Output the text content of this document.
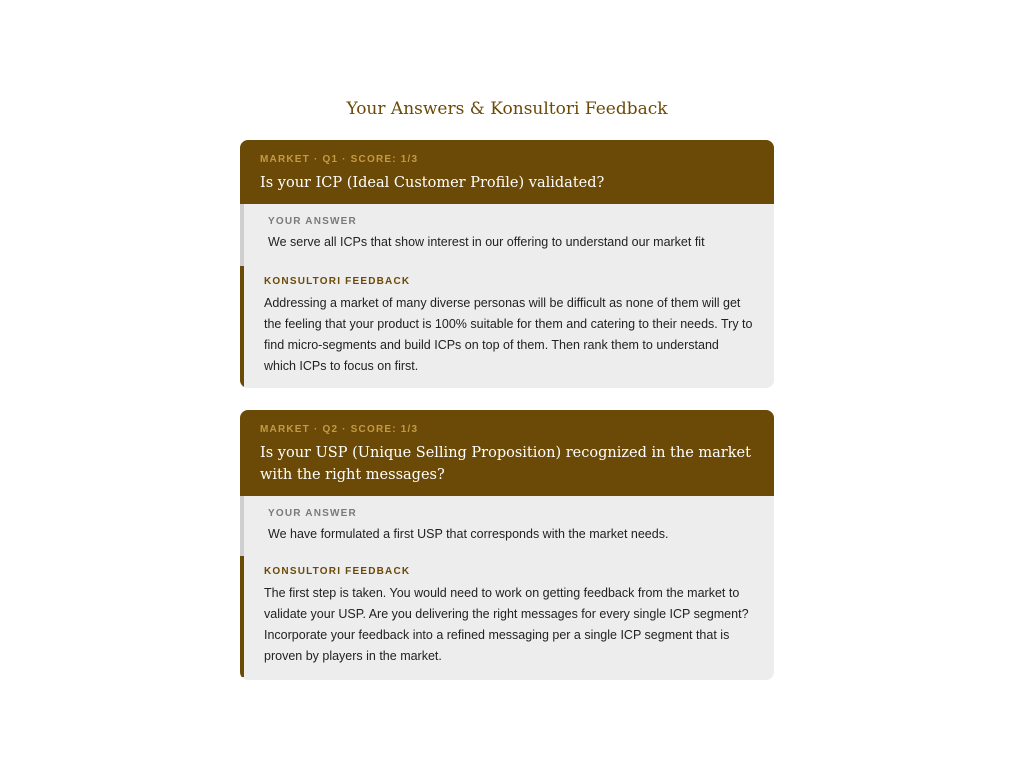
Your Answers & Konsultori Feedback
MARKET · Q1 · SCORE: 1/3
Is your ICP (Ideal Customer Profile) validated?
YOUR ANSWER
We serve all ICPs that show interest in our offering to understand our market fit
KONSULTORI FEEDBACK
Addressing a market of many diverse personas will be difficult as none of them will get the feeling that your product is 100% suitable for them and catering to their needs. Try to find micro-segments and build ICPs on top of them. Then rank them to understand which ICPs to focus on first.
MARKET · Q2 · SCORE: 1/3
Is your USP (Unique Selling Proposition) recognized in the market with the right messages?
YOUR ANSWER
We have formulated a first USP that corresponds with the market needs.
KONSULTORI FEEDBACK
The first step is taken. You would need to work on getting feedback from the market to validate your USP. Are you delivering the right messages for every single ICP segment? Incorporate your feedback into a refined messaging per a single ICP segment that is proven by players in the market.
